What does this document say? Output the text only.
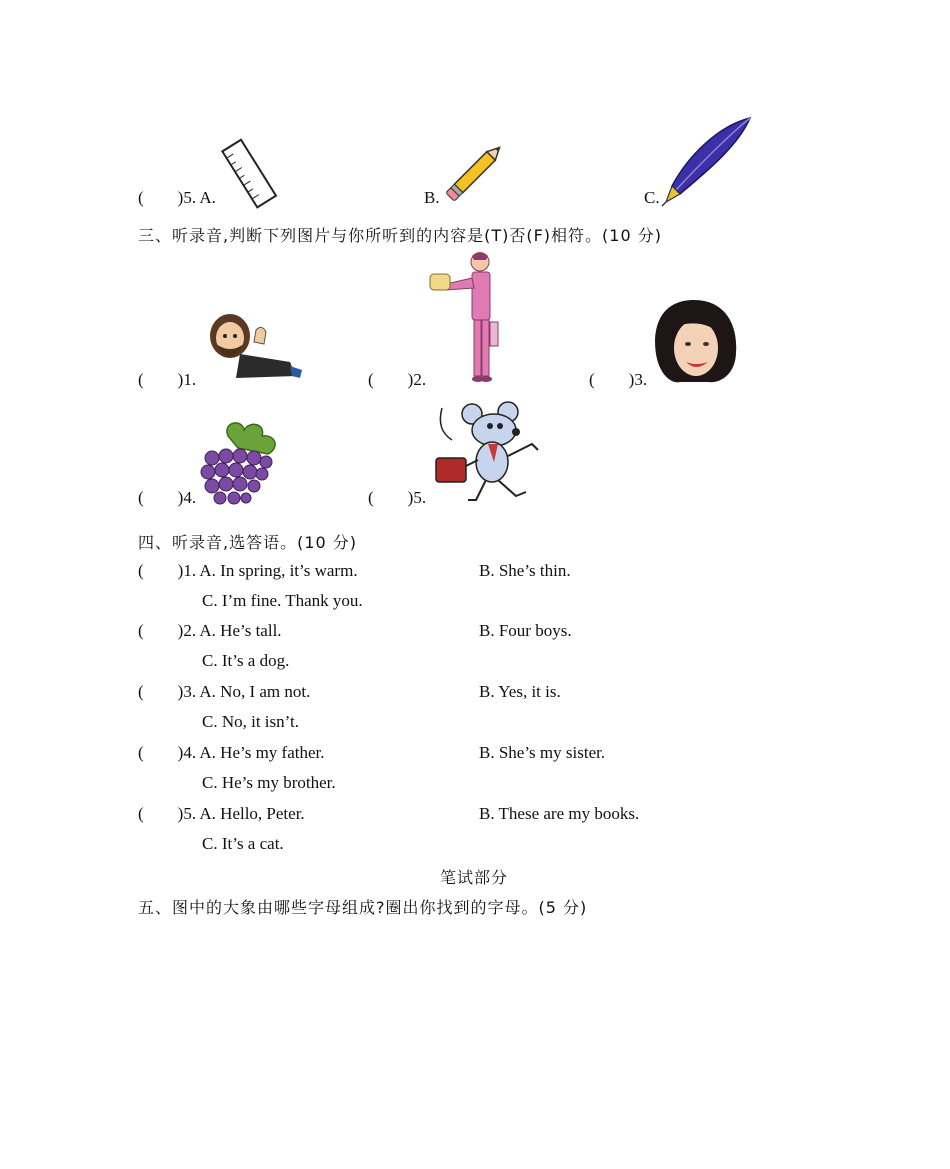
(        )5. A.	B.	C.
三、听录音,判断下列图片与你所听到的内容是(T)否(F)相符。(10 分)
(        )1.	(        )2.	(        )3.
(        )4.	(        )5.
四、听录音,选答语。(10 分)
(        )1. A. In spring, it’s warm.	B. She’s thin.
C. I’m fine. Thank you.
(        )2. A. He’s tall.	B. Four boys.
C. It’s a dog.
(        )3. A. No, I am not.	B. Yes, it is.
C. No, it isn’t.
(        )4. A. He’s my father.	B. She’s my sister.
C. He’s my brother.
(        )5. A. Hello, Peter.	B. These are my books.
C. It’s a cat.
笔试部分
五、图中的大象由哪些字母组成?圈出你找到的字母。(5 分)
